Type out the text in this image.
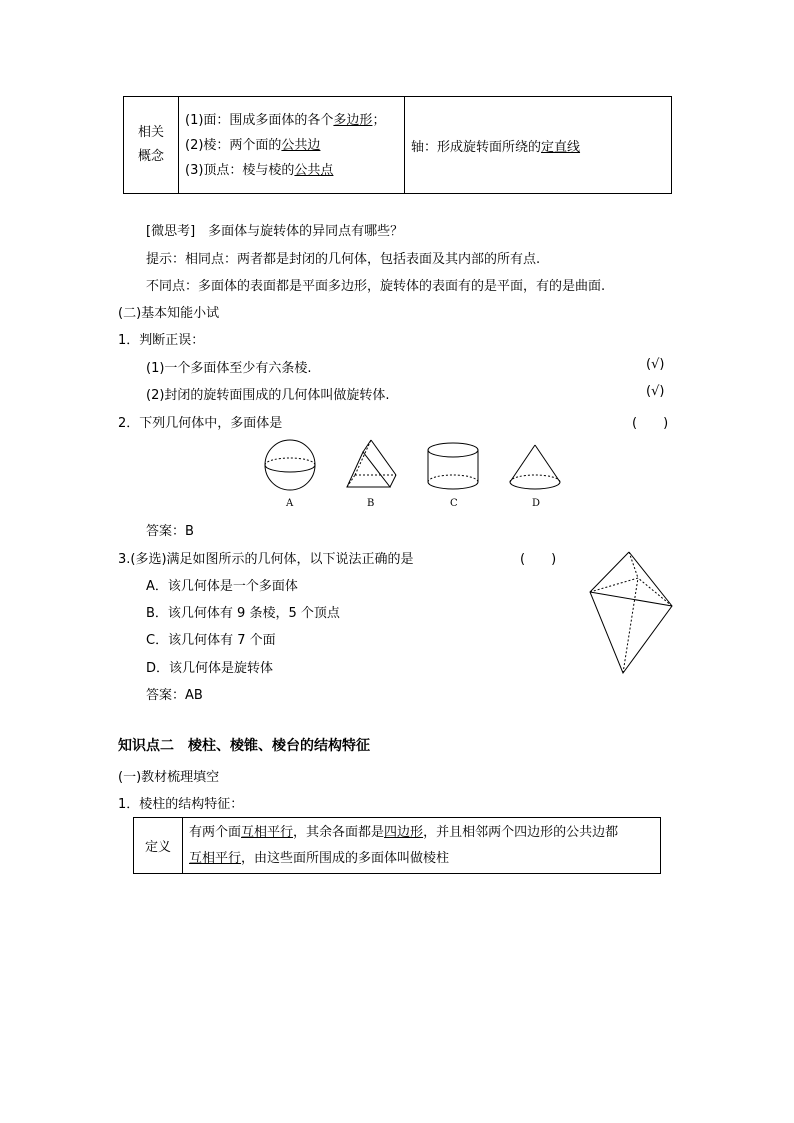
相关
概念

(1)面：围成多面体的各个多边形；
(2)棱：两个面的公共边
(3)顶点：棱与棱的公共点
	轴：形成旋转面所绕的定直线
[微思考]　多面体与旋转体的异同点有哪些？
提示：相同点：两者都是封闭的几何体，包括表面及其内部的所有点.
不同点：多面体的表面都是平面多边形，旋转体的表面有的是平面，有的是曲面.
(二)基本知能小试
1．判断正误：
(1)一个多面体至少有六条棱.	(√)
(2)封闭的旋转面围成的几何体叫做旋转体.	(√)
2．下列几何体中，多面体是	(　　)
A	B	C	D
答案：B
3.(多选)满足如图所示的几何体，以下说法正确的是	(　　)
A．该几何体是一个多面体
B．该几何体有 9 条棱，5 个顶点
C．该几何体有 7 个面
D．该几何体是旋转体
答案：AB
知识点二　棱柱、棱锥、棱台的结构特征
(一)教材梳理填空
1．棱柱的结构特征：
定义	
有两个面互相平行，其余各面都是四边形，并且相邻两个四边形的公共边都
互相平行，由这些面所围成的多面体叫做棱柱
